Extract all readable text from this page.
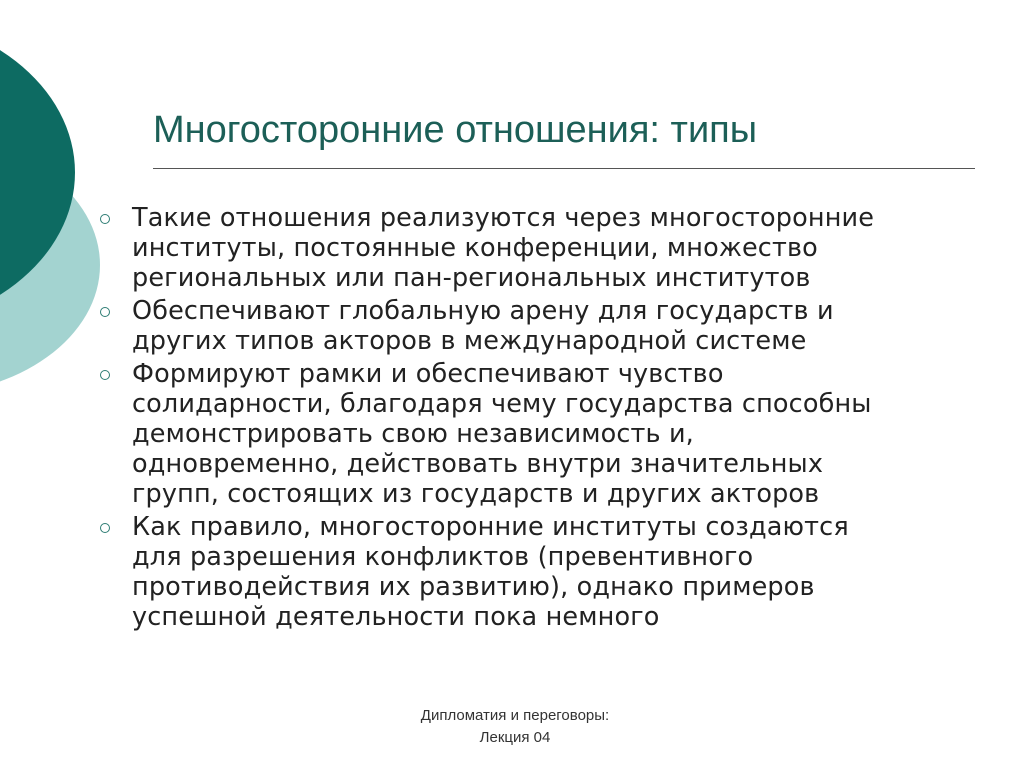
Многосторонние отношения: типы
Такие отношения реализуются через многосторонние
институты, постоянные конференции, множество
региональных или пан-региональных институтов
Обеспечивают глобальную арену для государств и
других типов акторов в международной системе
Формируют рамки и обеспечивают чувство
солидарности, благодаря чему государства способны
демонстрировать свою независимость и,
одновременно, действовать внутри значительных
групп, состоящих из государств и других акторов
Как правило, многосторонние институты создаются
для разрешения конфликтов (превентивного
противодействия их развитию), однако примеров
успешной деятельности пока немного
Дипломатия и переговоры:
Лекция 04
